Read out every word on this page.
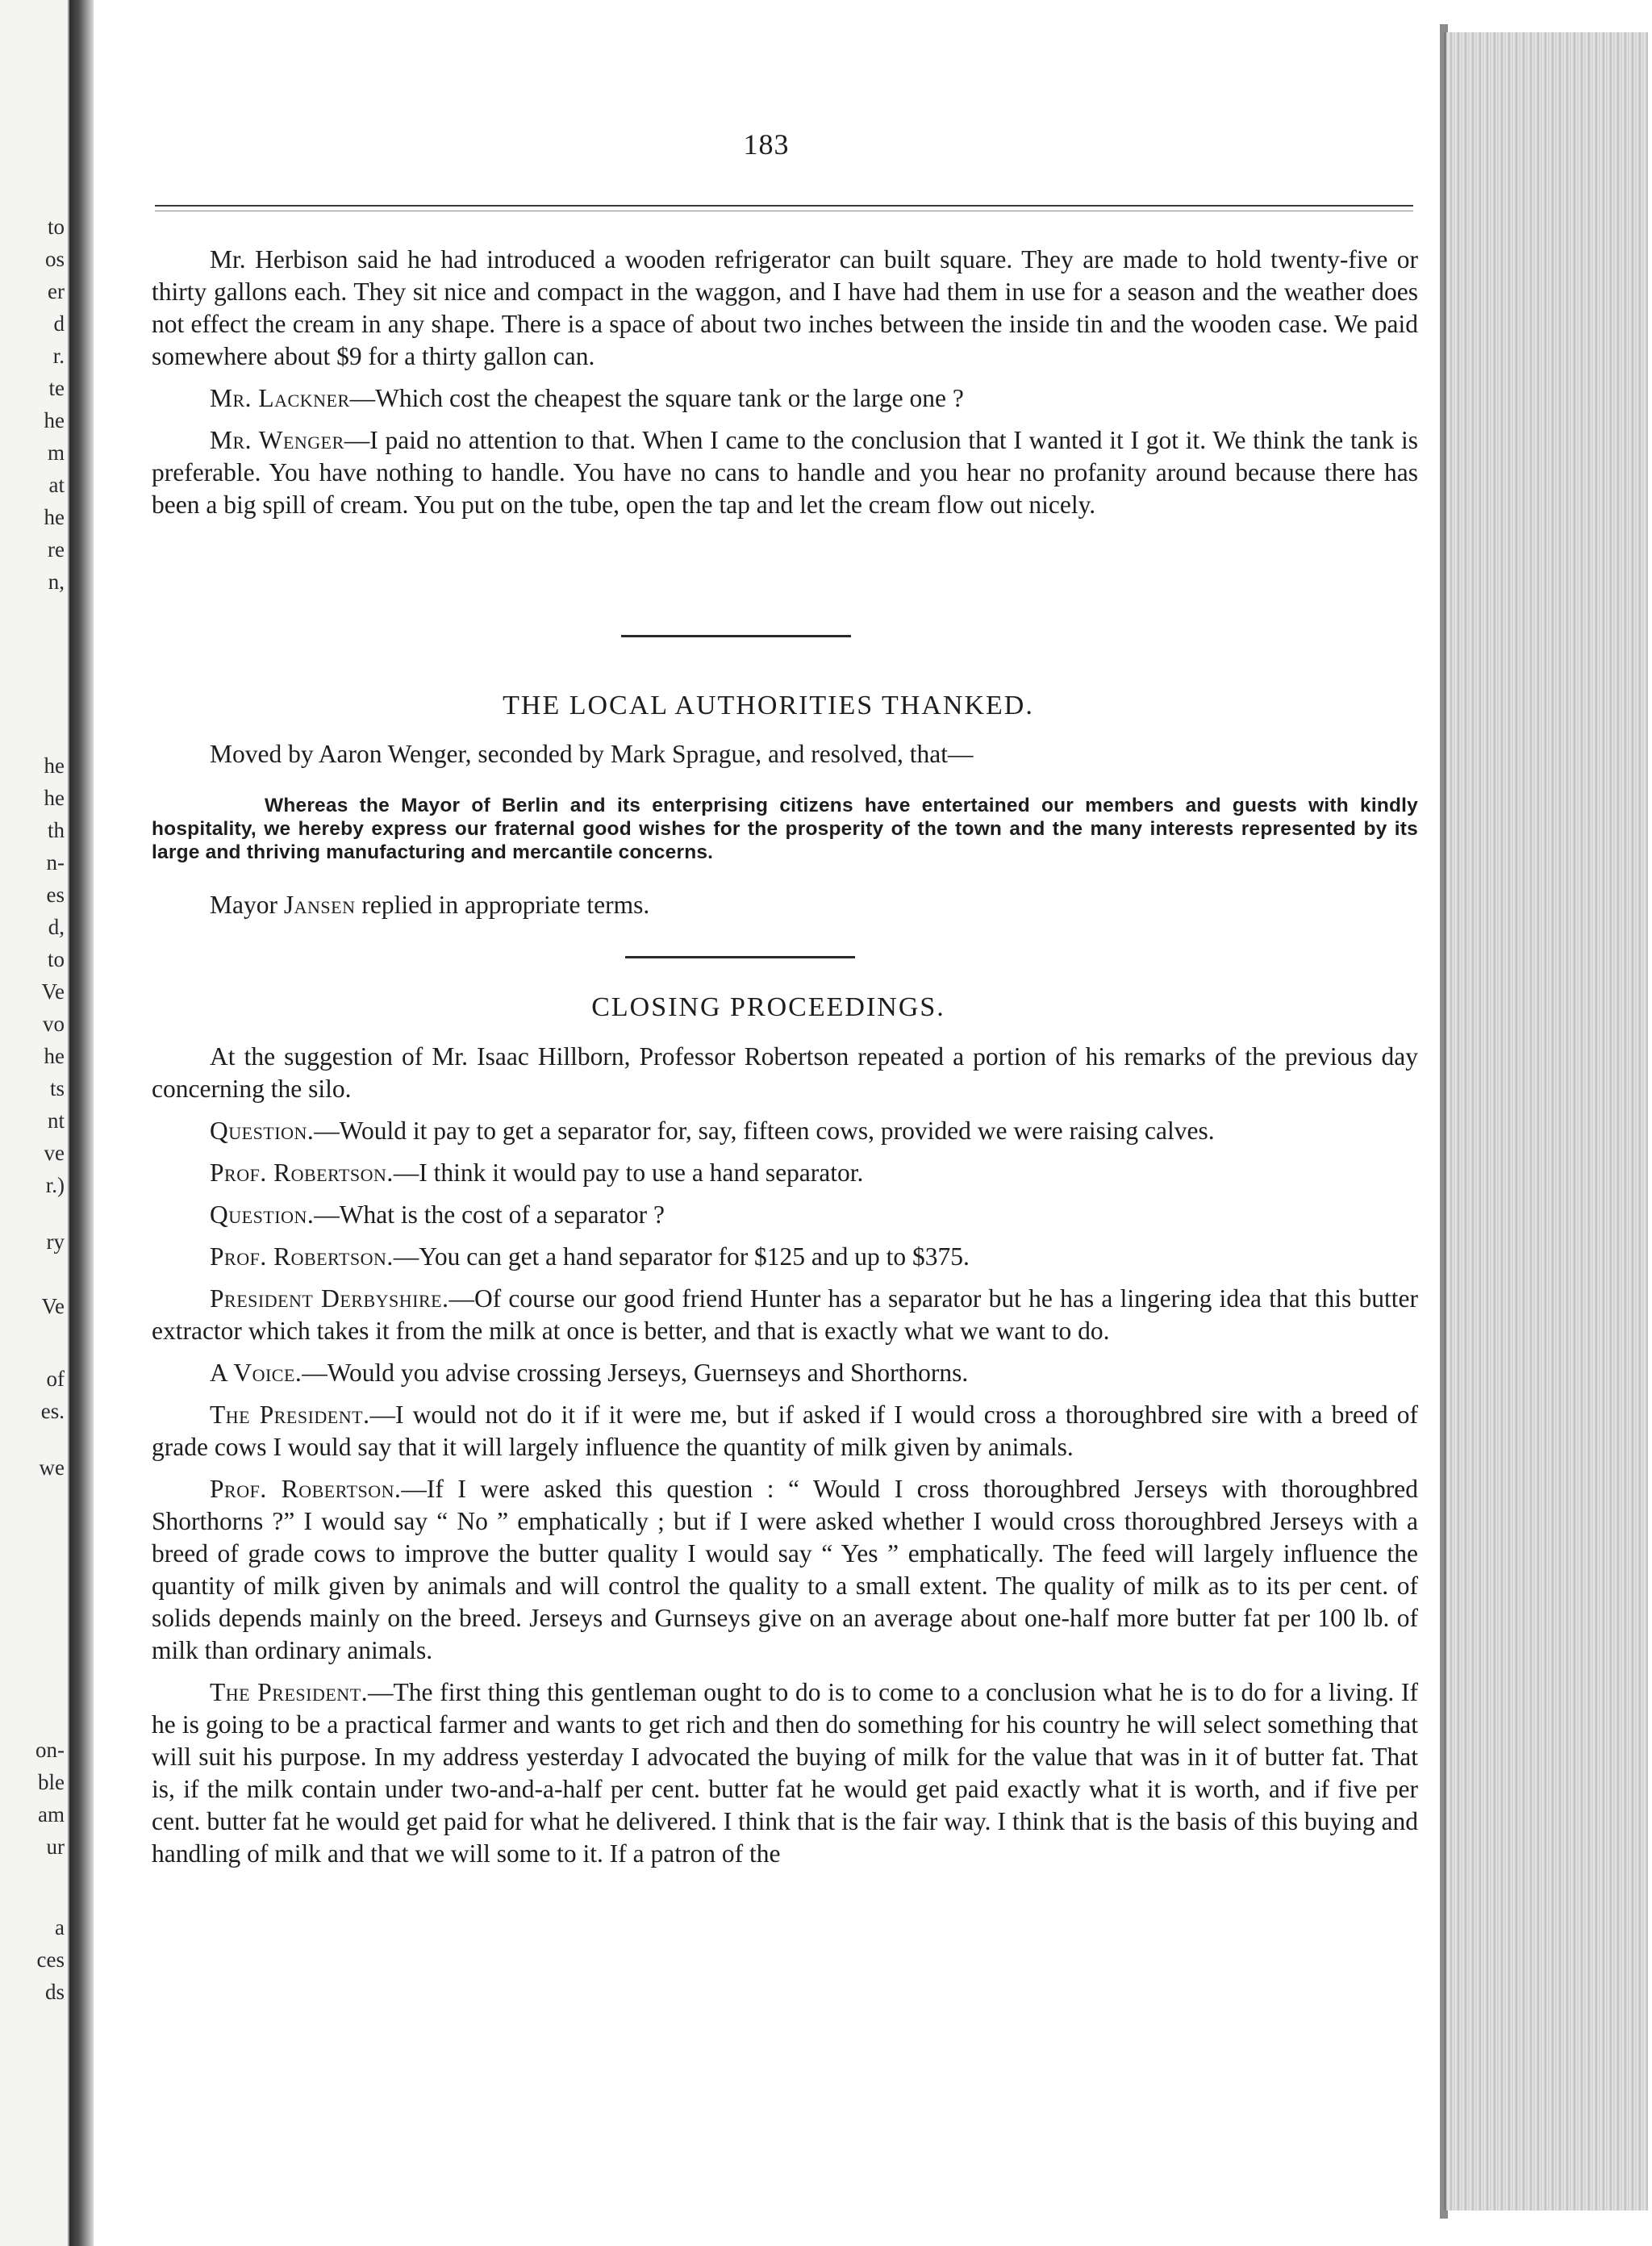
to
os
er
d
r.
te
he
m
at
he
re
n,
he
he
th
n-
es
d,
to
Ve
vo
he
ts
nt
ve
r.)
ry
Ve
of
es.
we
on-
ble
am
ur
a
ces
ds
183

Mr. Herbison said he had introduced a wooden refrigerator can built square. They are made to hold twenty-five or thirty gallons each. They sit nice and compact in the waggon, and I have had them in use for a season and the weather does not effect the cream in any shape. There is a space of about two inches between the inside tin and the wooden case. We paid somewhere about $9 for a thirty gallon can.

Mr. Lackner—Which cost the cheapest the square tank or the large one ?

Mr. Wenger—I paid no attention to that. When I came to the conclusion that I wanted it I got it. We think the tank is preferable. You have nothing to handle. You have no cans to handle and you hear no profanity around because there has been a big spill of cream. You put on the tube, open the tap and let the cream flow out nicely.

THE LOCAL AUTHORITIES THANKED.

Moved by Aaron Wenger, seconded by Mark Sprague, and resolved, that—

Whereas the Mayor of Berlin and its enterprising citizens have entertained our members and guests with kindly hospitality, we hereby express our fraternal good wishes for the prosperity of the town and the many interests represented by its large and thriving manufacturing and mercantile concerns.

Mayor Jansen replied in appropriate terms.

CLOSING PROCEEDINGS.

At the suggestion of Mr. Isaac Hillborn, Professor Robertson repeated a portion of his remarks of the previous day concerning the silo.

Question.—Would it pay to get a separator for, say, fifteen cows, provided we were raising calves.

Prof. Robertson.—I think it would pay to use a hand separator.

Question.—What is the cost of a separator ?

Prof. Robertson.—You can get a hand separator for $125 and up to $375.

President Derbyshire.—Of course our good friend Hunter has a separator but he has a lingering idea that this butter extractor which takes it from the milk at once is better, and that is exactly what we want to do.

A Voice.—Would you advise crossing Jerseys, Guernseys and Shorthorns.

The President.—I would not do it if it were me, but if asked if I would cross a thoroughbred sire with a breed of grade cows I would say that it will largely influence the quantity of milk given by animals.

Prof. Robertson.—If I were asked this question : “ Would I cross thoroughbred Jerseys with thoroughbred Shorthorns ?” I would say “ No ” emphatically ; but if I were asked whether I would cross thoroughbred Jerseys with a breed of grade cows to improve the butter quality I would say “ Yes ” emphatically. The feed will largely influence the quantity of milk given by animals and will control the quality to a small extent. The quality of milk as to its per cent. of solids depends mainly on the breed. Jerseys and Gurnseys give on an average about one-half more butter fat per 100 lb. of milk than ordinary animals.

The President.—The first thing this gentleman ought to do is to come to a conclusion what he is to do for a living. If he is going to be a practical farmer and wants to get rich and then do something for his country he will select something that will suit his purpose. In my address yesterday I advocated the buying of milk for the value that was in it of butter fat. That is, if the milk contain under two-and-a-half per cent. butter fat he would get paid exactly what it is worth, and if five per cent. butter fat he would get paid for what he delivered. I think that is the fair way. I think that is the basis of this buying and handling of milk and that we will some to it. If a patron of the
